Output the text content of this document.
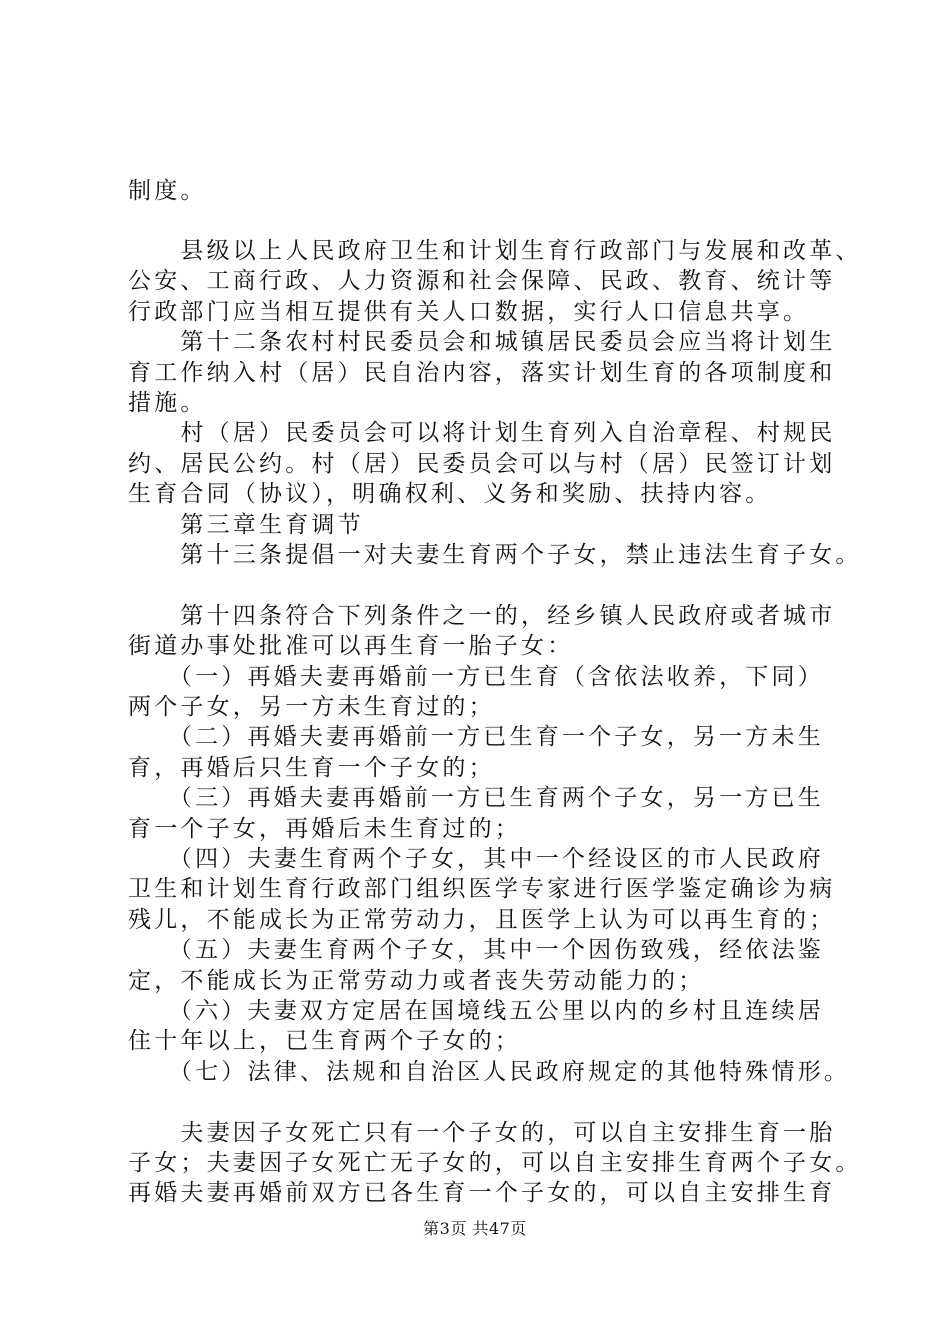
制度。
　　县级以上人民政府卫生和计划生育行政部门与发展和改革、
公安、工商行政、人力资源和社会保障、民政、教育、统计等
行政部门应当相互提供有关人口数据，实行人口信息共享。
　　第十二条农村村民委员会和城镇居民委员会应当将计划生
育工作纳入村（居）民自治内容，落实计划生育的各项制度和
措施。
　　村（居）民委员会可以将计划生育列入自治章程、村规民
约、居民公约。村（居）民委员会可以与村（居）民签订计划
生育合同（协议），明确权利、义务和奖励、扶持内容。
　　第三章生育调节
　　第十三条提倡一对夫妻生育两个子女，禁止违法生育子女。
　　第十四条符合下列条件之一的，经乡镇人民政府或者城市
街道办事处批准可以再生育一胎子女：
　　（一）再婚夫妻再婚前一方已生育（含依法收养，下同）
两个子女，另一方未生育过的；
　　（二）再婚夫妻再婚前一方已生育一个子女，另一方未生
育，再婚后只生育一个子女的；
　　（三）再婚夫妻再婚前一方已生育两个子女，另一方已生
育一个子女，再婚后未生育过的；
　　（四）夫妻生育两个子女，其中一个经设区的市人民政府
卫生和计划生育行政部门组织医学专家进行医学鉴定确诊为病
残儿，不能成长为正常劳动力，且医学上认为可以再生育的；
　　（五）夫妻生育两个子女，其中一个因伤致残，经依法鉴
定，不能成长为正常劳动力或者丧失劳动能力的；
　　（六）夫妻双方定居在国境线五公里以内的乡村且连续居
住十年以上，已生育两个子女的；
　　（七）法律、法规和自治区人民政府规定的其他特殊情形。
　　夫妻因子女死亡只有一个子女的，可以自主安排生育一胎
子女；夫妻因子女死亡无子女的，可以自主安排生育两个子女。
再婚夫妻再婚前双方已各生育一个子女的，可以自主安排生育
第3页 共47页
